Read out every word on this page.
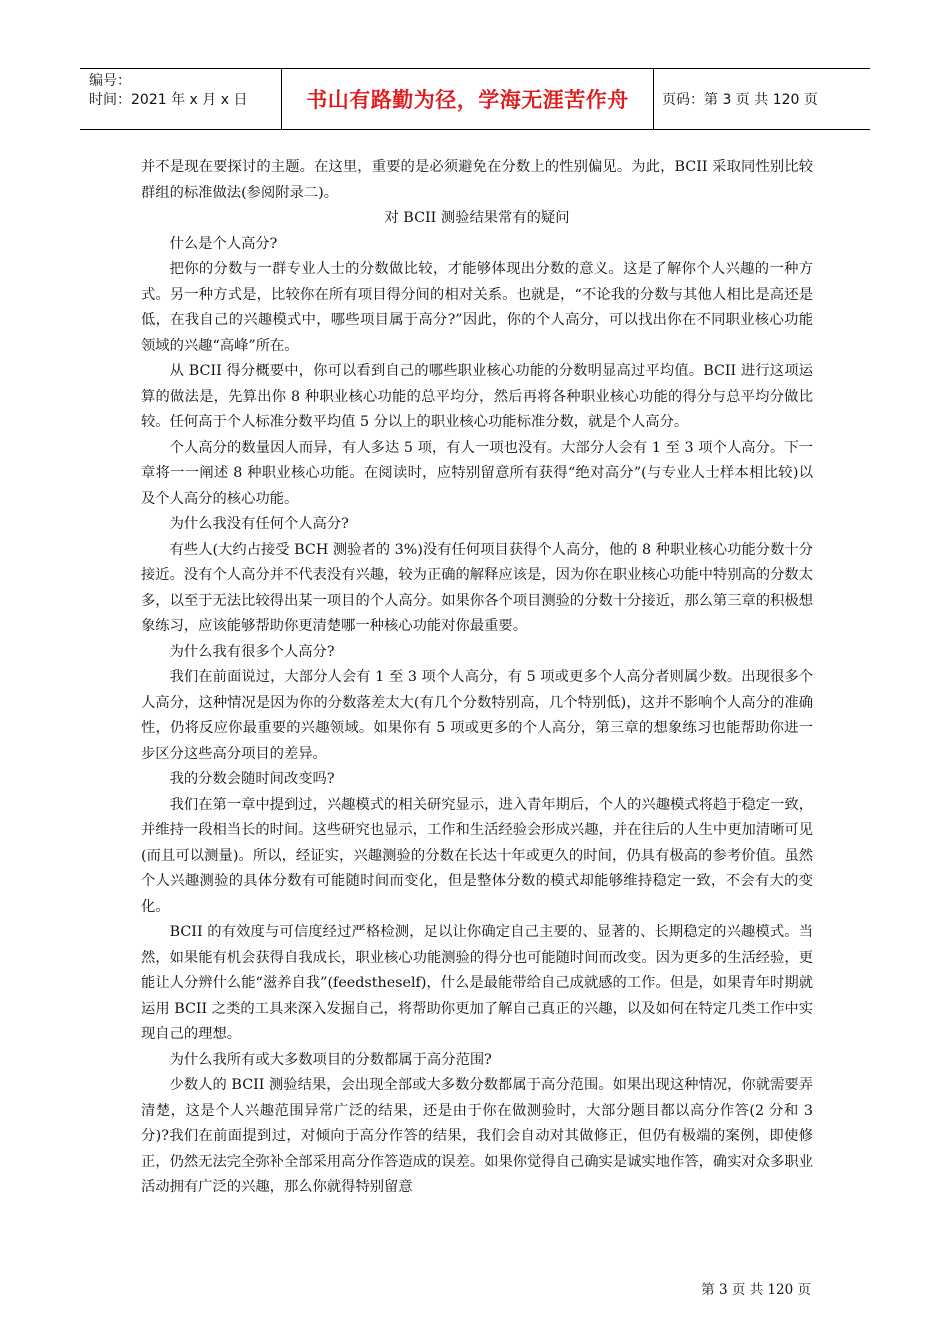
编号：
时间：2021 年 x 月 x 日	书山有路勤为径，学海无涯苦作舟	页码：第 3 页 共 120 页

并不是现在要探讨的主题。在这里，重要的是必须避免在分数上的性别偏见。为此，BCII 采取同性别比较群组的标准做法(参阅附录二)。

对 BCII 测验结果常有的疑问

什么是个人高分?

把你的分数与一群专业人士的分数做比较，才能够体现出分数的意义。这是了解你个人兴趣的一种方式。另一种方式是，比较你在所有项目得分间的相对关系。也就是，“不论我的分数与其他人相比是高还是低，在我自己的兴趣模式中，哪些项目属于高分?”因此，你的个人高分，可以找出你在不同职业核心功能领域的兴趣“高峰”所在。

从 BCII 得分概要中，你可以看到自己的哪些职业核心功能的分数明显高过平均值。BCII 进行这项运算的做法是，先算出你 8 种职业核心功能的总平均分，然后再将各种职业核心功能的得分与总平均分做比较。任何高于个人标准分数平均值 5 分以上的职业核心功能标准分数，就是个人高分。

个人高分的数量因人而异，有人多达 5 项，有人一项也没有。大部分人会有 1 至 3 项个人高分。下一章将一一阐述 8 种职业核心功能。在阅读时，应特别留意所有获得“绝对高分”(与专业人士样本相比较)以及个人高分的核心功能。

为什么我没有任何个人高分?

有些人(大约占接受 BCH 测验者的 3%)没有任何项目获得个人高分，他的 8 种职业核心功能分数十分接近。没有个人高分并不代表没有兴趣，较为正确的解释应该是，因为你在职业核心功能中特别高的分数太多，以至于无法比较得出某一项目的个人高分。如果你各个项目测验的分数十分接近，那么第三章的积极想象练习，应该能够帮助你更清楚哪一种核心功能对你最重要。

为什么我有很多个人高分?

我们在前面说过，大部分人会有 1 至 3 项个人高分，有 5 项或更多个人高分者则属少数。出现很多个人高分，这种情况是因为你的分数落差太大(有几个分数特别高，几个特别低)，这并不影响个人高分的准确性，仍将反应你最重要的兴趣领域。如果你有 5 项或更多的个人高分，第三章的想象练习也能帮助你进一步区分这些高分项目的差异。

我的分数会随时间改变吗?

我们在第一章中提到过，兴趣模式的相关研究显示，进入青年期后，个人的兴趣模式将趋于稳定一致，并维持一段相当长的时间。这些研究也显示，工作和生活经验会形成兴趣，并在往后的人生中更加清晰可见(而且可以测量)。所以，经证实，兴趣测验的分数在长达十年或更久的时间，仍具有极高的参考价值。虽然个人兴趣测验的具体分数有可能随时间而变化，但是整体分数的模式却能够维持稳定一致，不会有大的变化。

BCII 的有效度与可信度经过严格检测，足以让你确定自己主要的、显著的、长期稳定的兴趣模式。当然，如果能有机会获得自我成长，职业核心功能测验的得分也可能随时间而改变。因为更多的生活经验，更能让人分辨什么能“滋养自我”(feedstheself)，什么是最能带给自己成就感的工作。但是，如果青年时期就运用 BCII 之类的工具来深入发掘自己，将帮助你更加了解自己真正的兴趣，以及如何在特定几类工作中实现自己的理想。

为什么我所有或大多数项目的分数都属于高分范围?

少数人的 BCII 测验结果，会出现全部或大多数分数都属于高分范围。如果出现这种情况，你就需要弄清楚，这是个人兴趣范围异常广泛的结果，还是由于你在做测验时，大部分题目都以高分作答(2 分和 3 分)?我们在前面提到过，对倾向于高分作答的结果，我们会自动对其做修正，但仍有极端的案例，即使修正，仍然无法完全弥补全部采用高分作答造成的误差。如果你觉得自己确实是诚实地作答，确实对众多职业活动拥有广泛的兴趣，那么你就得特别留意

第 3 页 共 120 页
